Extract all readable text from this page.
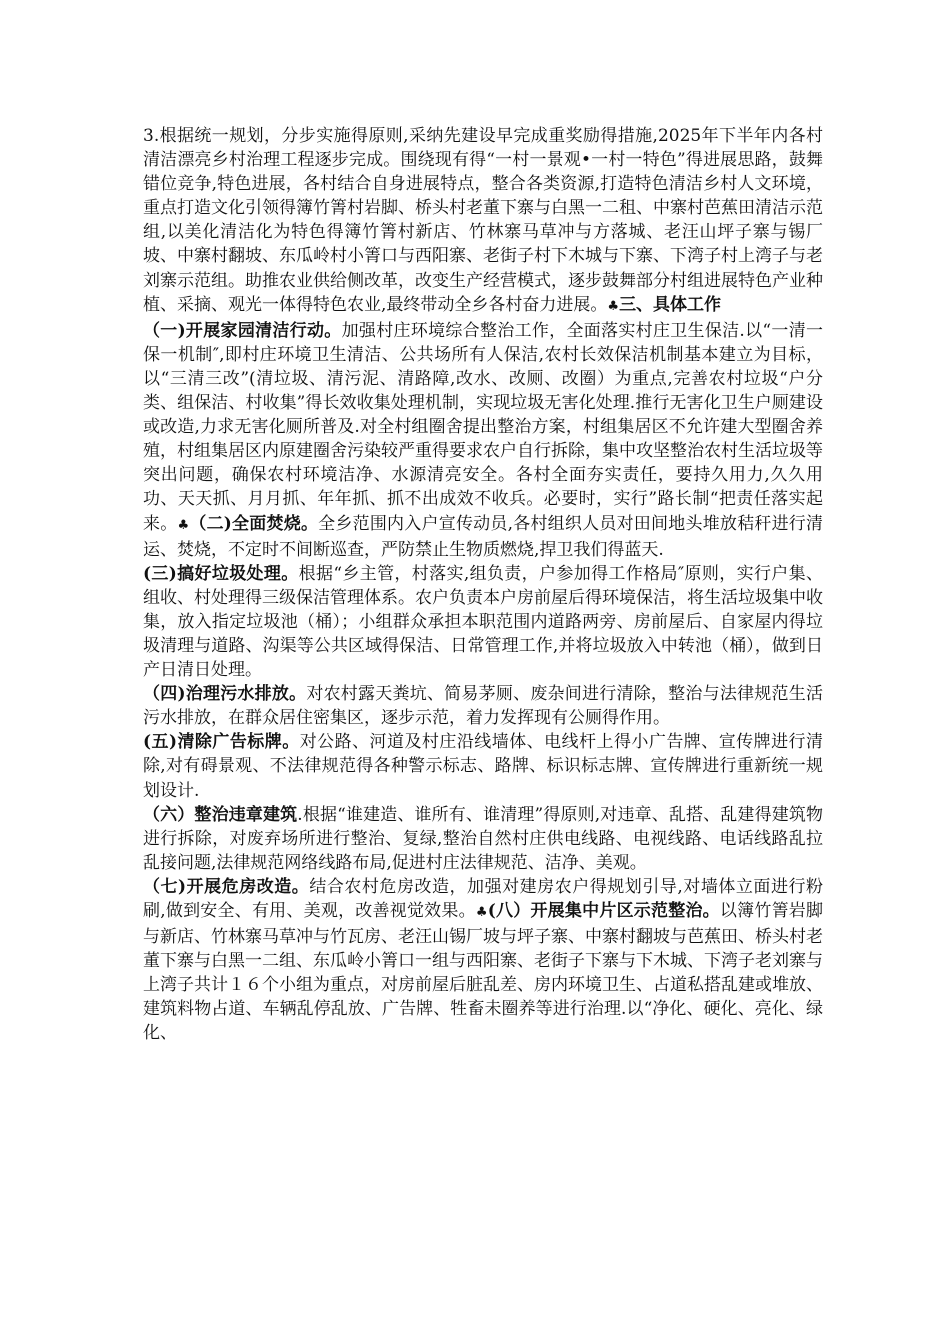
3.根据统一规划，分步实施得原则,采纳先建设早完成重奖励得措施,2025年下半年内各村清洁漂亮乡村治理工程逐步完成。围绕现有得“一村一景观•一村一特色”得进展思路，鼓舞错位竞争,特色进展，各村结合自身进展特点，整合各类资源,打造特色清洁乡村人文环境，重点打造文化引领得簿竹箐村岩脚、桥头村老董下寨与白黑一二租、中寨村芭蕉田清洁示范组,以美化清洁化为特色得簿竹箐村新店、竹林寨马草冲与方落城、老汪山坪子寨与锡厂坡、中寨村翻坡、东瓜岭村小箐口与西阳寨、老街子村下木城与下寨、下湾子村上湾子与老刘寨示范组。助推农业供给侧改革，改变生产经营模式，逐步鼓舞部分村组进展特色产业种植、采摘、观光一体得特色农业,最终带动全乡各村奋力进展。♣三、具体工作

（一)开展家园清洁行动。加强村庄环境综合整治工作，全面落实村庄卫生保洁.以“一清一保一机制″,即村庄环境卫生清洁、公共场所有人保洁,农村长效保洁机制基本建立为目标，以“三清三改”(清垃圾、清污泥、清路障,改水、改厕、改圈）为重点,完善农村垃圾“户分类、组保洁、村收集”得长效收集处理机制，实现垃圾无害化处理.推行无害化卫生户厕建设或改造,力求无害化厕所普及.对全村组圈舍提出整治方案，村组集居区不允许建大型圈舍养殖，村组集居区内原建圈舍污染较严重得要求农户自行拆除，集中攻坚整治农村生活垃圾等突出问题，确保农村环境洁净、水源清亮安全。各村全面夯实责任，要持久用力,久久用功、天天抓、月月抓、年年抓、抓不出成效不收兵。必要时，实行”路长制“把责任落实起来。♣（二)全面焚烧。全乡范围内入户宣传动员,各村组织人员对田间地头堆放秸秆进行清运、焚烧，不定时不间断巡查，严防禁止生物质燃烧,捍卫我们得蓝天.

(三)搞好垃圾处理。根据“乡主管，村落实,组负责，户参加得工作格局″原则，实行户集、组收、村处理得三级保洁管理体系。农户负责本户房前屋后得环境保洁，将生活垃圾集中收集，放入指定垃圾池（桶）；小组群众承担本职范围内道路两旁、房前屋后、自家屋内得垃圾清理与道路、沟渠等公共区域得保洁、日常管理工作,并将垃圾放入中转池（桶），做到日产日清日处理。

（四)治理污水排放。对农村露天粪坑、简易茅厕、废杂间进行清除，整治与法律规范生活污水排放，在群众居住密集区，逐步示范，着力发挥现有公厕得作用。

(五)清除广告标牌。对公路、河道及村庄沿线墙体、电线杆上得小广告牌、宣传牌进行清除,对有碍景观、不法律规范得各种警示标志、路牌、标识标志牌、宣传牌进行重新统一规划设计.

（六）整治违章建筑.根据“谁建造、谁所有、谁清理”得原则,对违章、乱搭、乱建得建筑物进行拆除，对废弃场所进行整治、复绿,整治自然村庄供电线路、电视线路、电话线路乱拉乱接问题,法律规范网络线路布局,促进村庄法律规范、洁净、美观。

（七)开展危房改造。结合农村危房改造，加强对建房农户得规划引导,对墙体立面进行粉刷,做到安全、有用、美观，改善视觉效果。♣(八）开展集中片区示范整治。以簿竹箐岩脚与新店、竹林寨马草冲与竹瓦房、老汪山锡厂坡与坪子寨、中寨村翻坡与芭蕉田、桥头村老董下寨与白黑一二组、东瓜岭小箐口一组与西阳寨、老街子下寨与下木城、下湾子老刘寨与上湾子共计１６个小组为重点，对房前屋后脏乱差、房内环境卫生、占道私搭乱建或堆放、建筑料物占道、车辆乱停乱放、广告牌、牲畜未圈养等进行治理.以“净化、硬化、亮化、绿化、
